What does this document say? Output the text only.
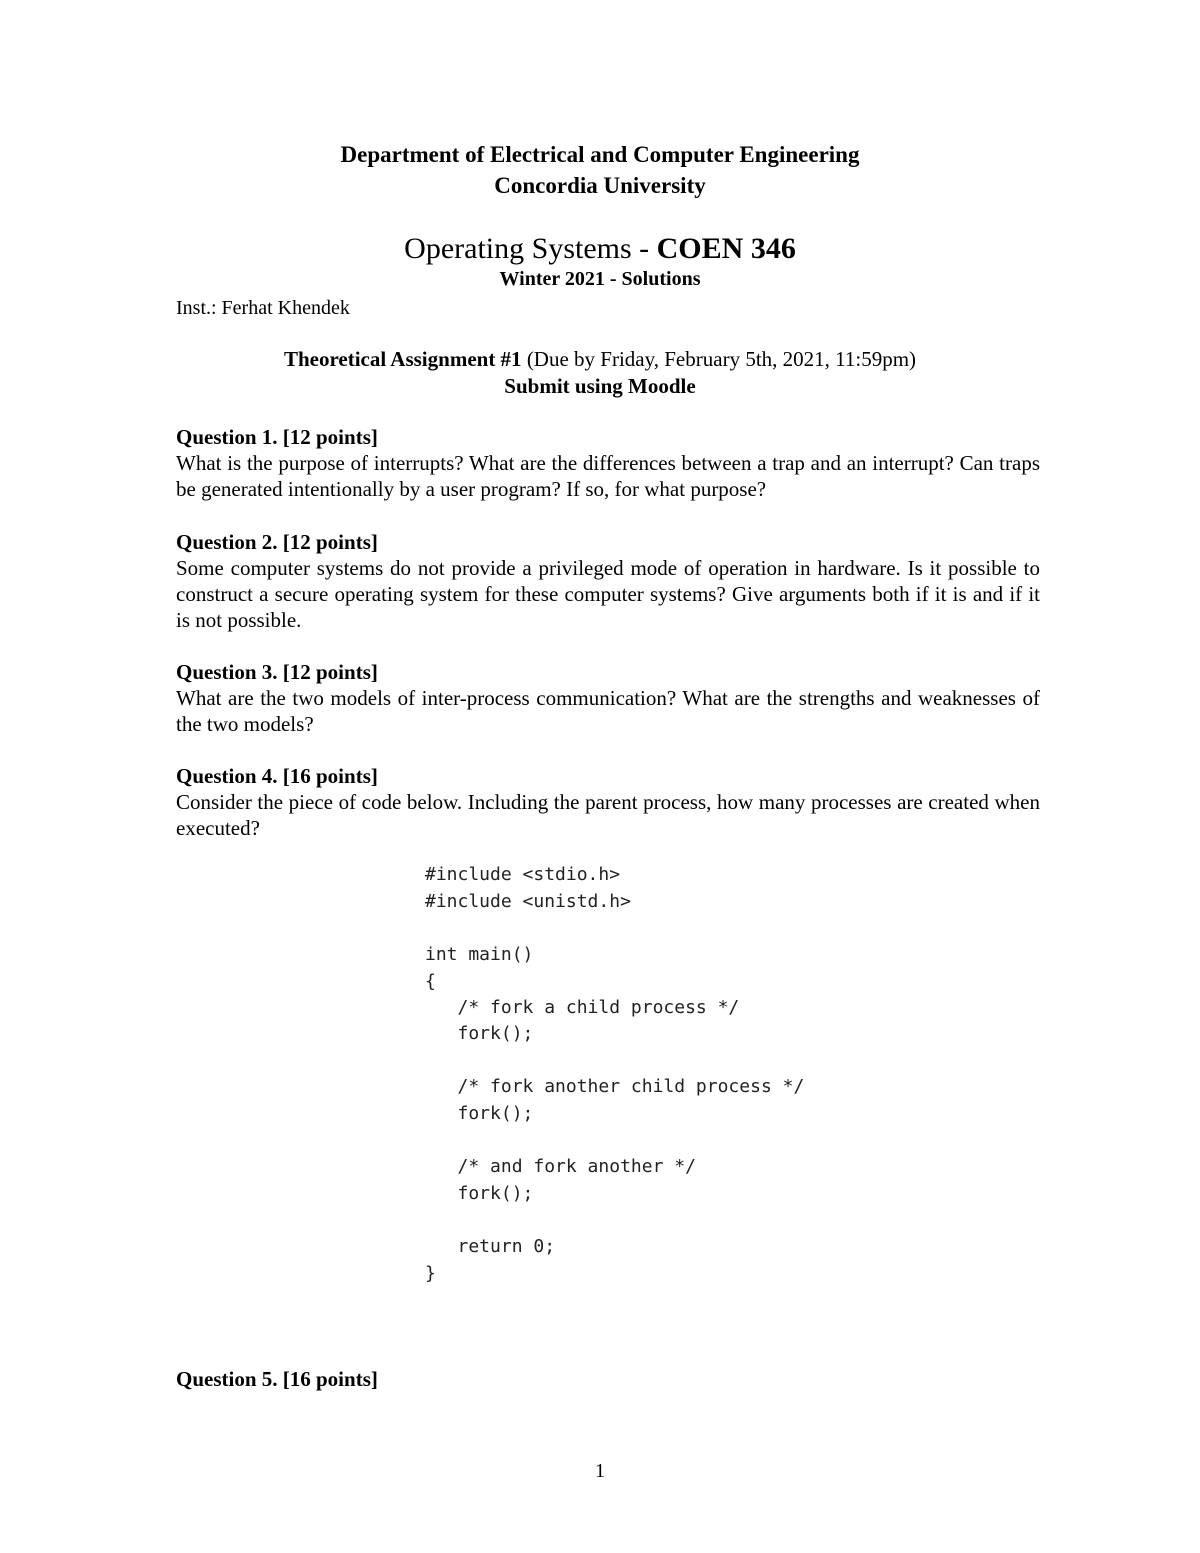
Department of Electrical and Computer Engineering
Concordia University
Operating Systems - COEN 346
Winter 2021 - Solutions
Inst.: Ferhat Khendek
Theoretical Assignment #1 (Due by Friday, February 5th, 2021, 11:59pm)
Submit using Moodle
Question 1. [12 points]
What is the purpose of interrupts? What are the differences between a trap and an interrupt? Can traps be generated intentionally by a user program? If so, for what purpose?
Question 2. [12 points]
Some computer systems do not provide a privileged mode of operation in hardware. Is it possible to construct a secure operating system for these computer systems? Give arguments both if it is and if it is not possible.
Question 3. [12 points]
What are the two models of inter-process communication? What are the strengths and weaknesses of the two models?
Question 4. [16 points]
Consider the piece of code below. Including the parent process, how many processes are created when executed?
#include <stdio.h>
#include <unistd.h>
int main()
{
/* fork a child process */
fork();
/* fork another child process */
fork();
/* and fork another */
fork();
return 0;
}
Question 5. [16 points]
1
